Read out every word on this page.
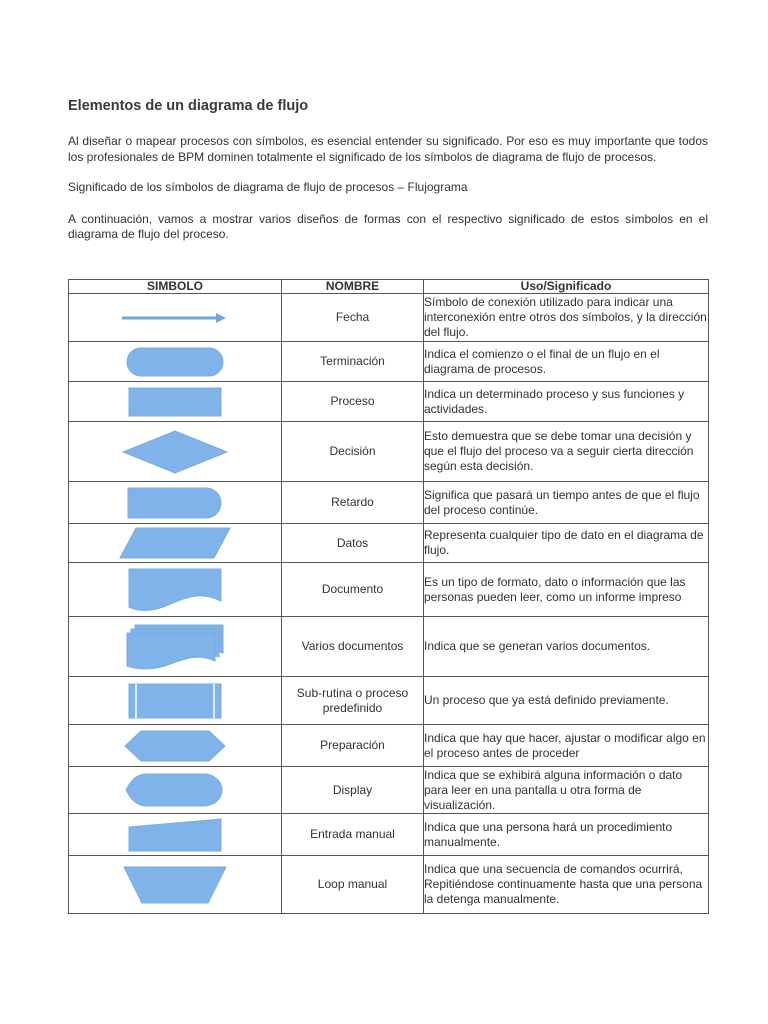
Elementos de un diagrama de flujo

Al diseñar o mapear procesos con símbolos, es esencial entender su significado. Por eso es muy importante que todos los profesionales de BPM dominen totalmente el significado de los símbolos de diagrama de flujo de procesos.

Significado de los símbolos de diagrama de flujo de procesos – Flujograma

A continuación, vamos a mostrar varios diseños de formas con el respectivo significado de estos símbolos en el diagrama de flujo del proceso.

SIMBOLO	NOMBRE	Uso/Significado

	Fecha	Símbolo de conexión utilizado para indicar una interconexión entre otros dos símbolos, y la dirección del flujo.

	Terminación	Indica el comienzo o el final de un flujo en el diagrama de procesos.

	Proceso	Indica un determinado proceso y sus funciones y actividades.

	Decisión	Esto demuestra que se debe tomar una decisión y que el flujo del proceso va a seguir cierta dirección según esta decisión.

	Retardo	Significa que pasará un tiempo antes de que el flujo del proceso continúe.

	Datos	Representa cualquier tipo de dato en el diagrama de flujo.

	Documento	Es un tipo de formato, dato o información que las personas pueden leer, como un informe impreso

	Varios documentos	Indica que se generan varios documentos.

	Sub-rutina o proceso predefinido	Un proceso que ya está definido previamente.

	Preparación	Indica que hay que hacer, ajustar o modificar algo en el proceso antes de proceder

	Display	Indica que se exhibirá alguna información o dato para leer en una pantalla u otra forma de visualización.

	Entrada manual	Indica que una persona hará un procedimiento manualmente.

	Loop manual	Indica que una secuencia de comandos ocurrirá, Repitiéndose continuamente hasta que una persona la detenga manualmente.
